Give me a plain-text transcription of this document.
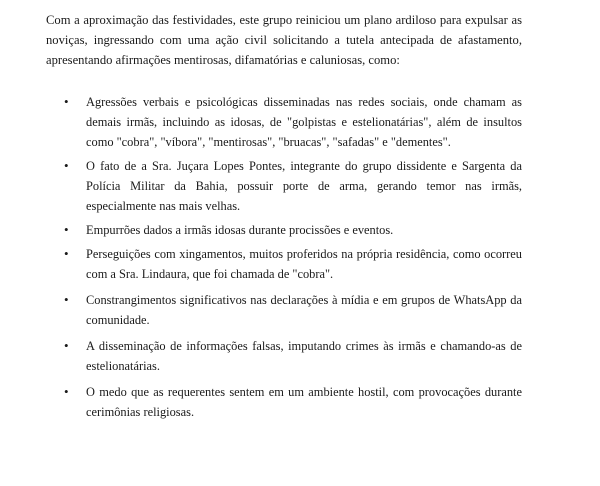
Com a aproximação das festividades, este grupo reiniciou um plano ardiloso para expulsar as noviças, ingressando com uma ação civil solicitando a tutela antecipada de afastamento, apresentando afirmações mentirosas, difamatórias e caluniosas, como:

• Agressões verbais e psicológicas disseminadas nas redes sociais, onde chamam as demais irmãs, incluindo as idosas, de "golpistas e estelionatárias", além de insultos como "cobra", "víbora", "mentirosas", "bruacas", "safadas" e "dementes".
• O fato de a Sra. Juçara Lopes Pontes, integrante do grupo dissidente e Sargenta da Polícia Militar da Bahia, possuir porte de arma, gerando temor nas irmãs, especialmente nas mais velhas.
• Empurrões dados a irmãs idosas durante procissões e eventos.
• Perseguições com xingamentos, muitos proferidos na própria residência, como ocorreu com a Sra. Lindaura, que foi chamada de "cobra".
• Constrangimentos significativos nas declarações à mídia e em grupos de WhatsApp da comunidade.
• A disseminação de informações falsas, imputando crimes às irmãs e chamando-as de estelionatárias.
• O medo que as requerentes sentem em um ambiente hostil, com provocações durante cerimônias religiosas.
